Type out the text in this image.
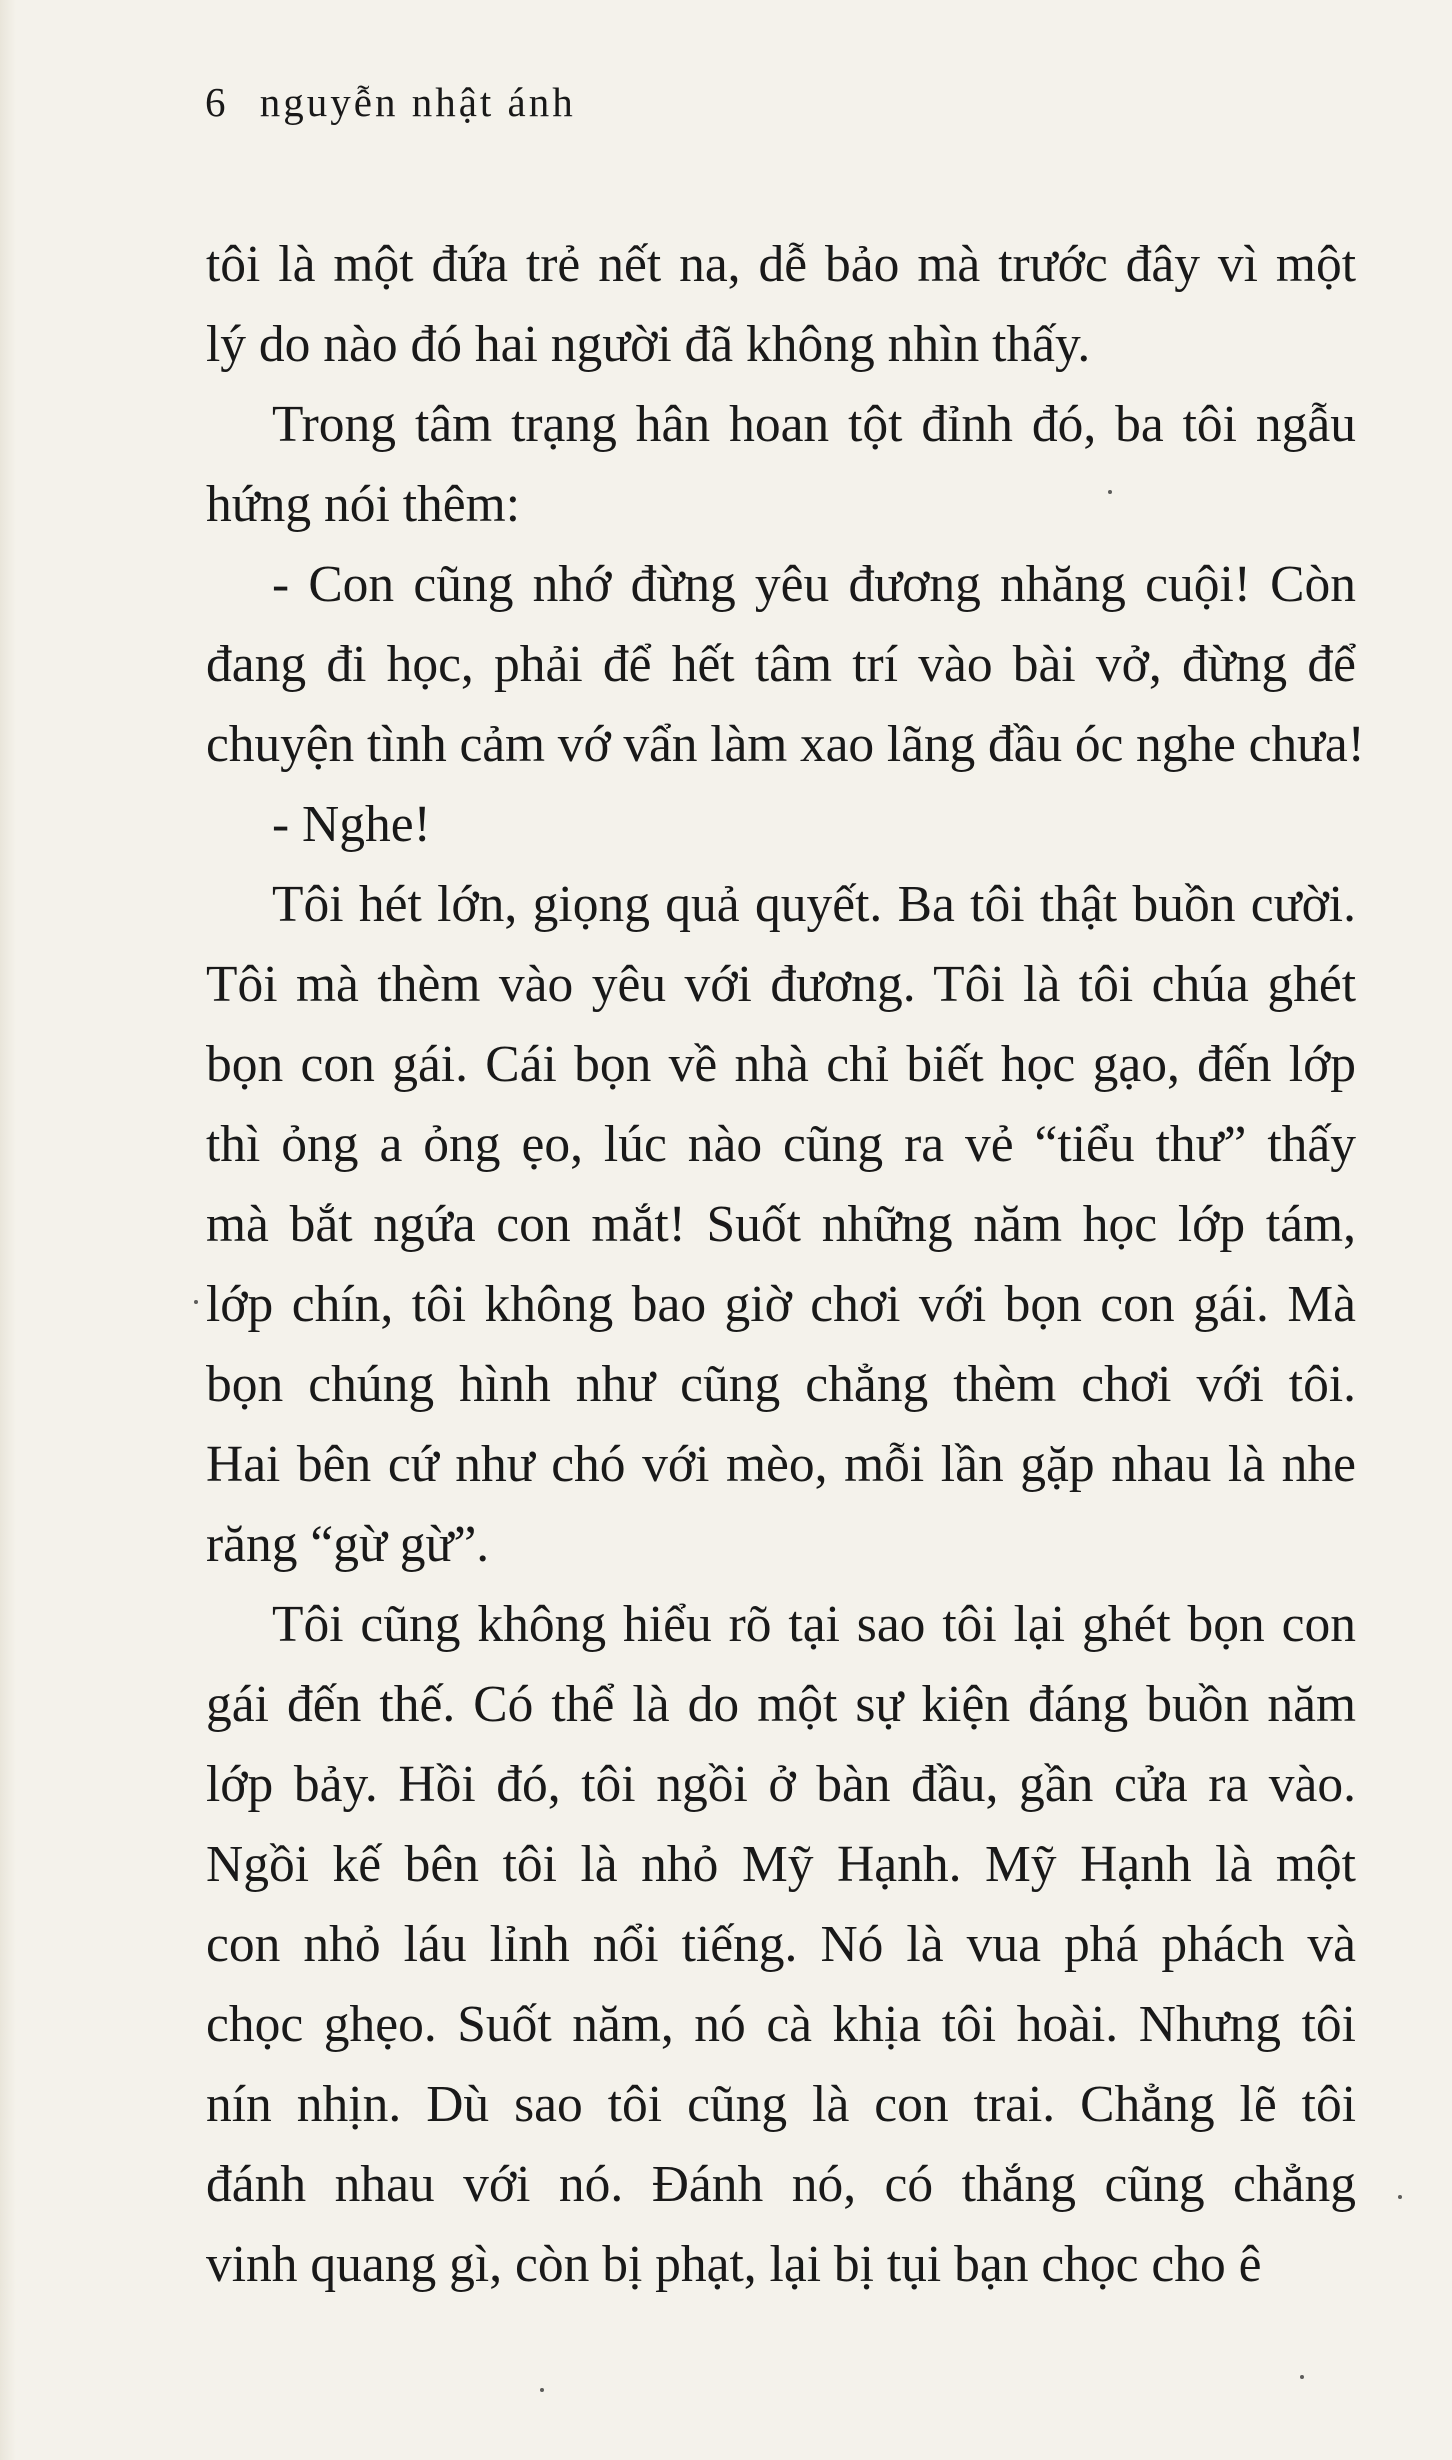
6 nguyễn nhật ánh

tôi là một đứa trẻ nết na, dễ bảo mà trước đây vì một
lý do nào đó hai người đã không nhìn thấy.

Trong tâm trạng hân hoan tột đỉnh đó, ba tôi ngẫu
hứng nói thêm:

- Con cũng nhớ đừng yêu đương nhăng cuội! Còn
đang đi học, phải để hết tâm trí vào bài vở, đừng để
chuyện tình cảm vớ vẩn làm xao lãng đầu óc nghe chưa!

- Nghe!

Tôi hét lớn, giọng quả quyết. Ba tôi thật buồn cười.
Tôi mà thèm vào yêu với đương. Tôi là tôi chúa ghét
bọn con gái. Cái bọn về nhà chỉ biết học gạo, đến lớp
thì ỏng a ỏng ẹo, lúc nào cũng ra vẻ “tiểu thư” thấy
mà bắt ngứa con mắt! Suốt những năm học lớp tám,
lớp chín, tôi không bao giờ chơi với bọn con gái. Mà
bọn chúng hình như cũng chẳng thèm chơi với tôi.
Hai bên cứ như chó với mèo, mỗi lần gặp nhau là nhe
răng “gừ gừ”.

Tôi cũng không hiểu rõ tại sao tôi lại ghét bọn con
gái đến thế. Có thể là do một sự kiện đáng buồn năm
lớp bảy. Hồi đó, tôi ngồi ở bàn đầu, gần cửa ra vào.
Ngồi kế bên tôi là nhỏ Mỹ Hạnh. Mỹ Hạnh là một
con nhỏ láu lỉnh nổi tiếng. Nó là vua phá phách và
chọc ghẹo. Suốt năm, nó cà khịa tôi hoài. Nhưng tôi
nín nhịn. Dù sao tôi cũng là con trai. Chẳng lẽ tôi
đánh nhau với nó. Đánh nó, có thắng cũng chẳng
vinh quang gì, còn bị phạt, lại bị tụi bạn chọc cho ê
